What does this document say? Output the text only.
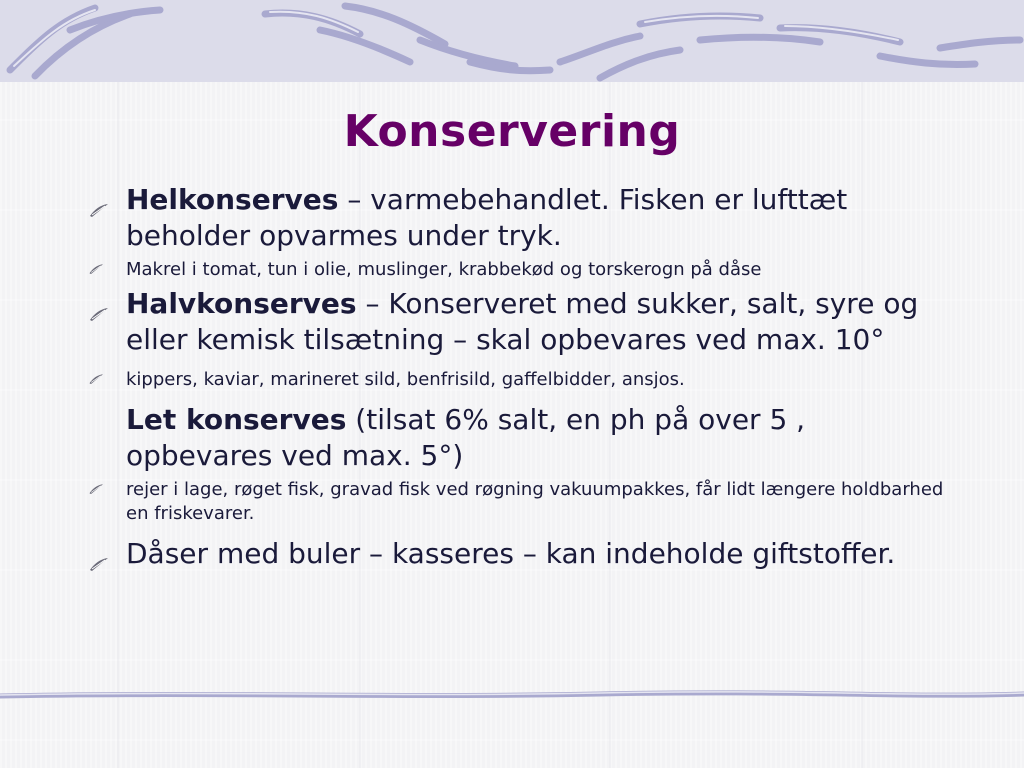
Konservering
Helkonserves – varmebehandlet. Fisken er lufttæt beholder opvarmes under tryk.
Makrel i tomat, tun i olie, muslinger, krabbekød og torskerogn på dåse
Halvkonserves – Konserveret med sukker, salt, syre og eller kemisk tilsætning – skal opbevares ved max. 10°
kippers, kaviar, marineret sild, benfrisild, gaffelbidder, ansjos.
Let konserves (tilsat 6% salt, en ph på over 5 , opbevares ved max. 5°)
rejer i lage, røget fisk, gravad fisk ved røgning vakuumpakkes, får lidt længere holdbarhed en friskevarer.
Dåser med buler – kasseres – kan indeholde giftstoffer.
